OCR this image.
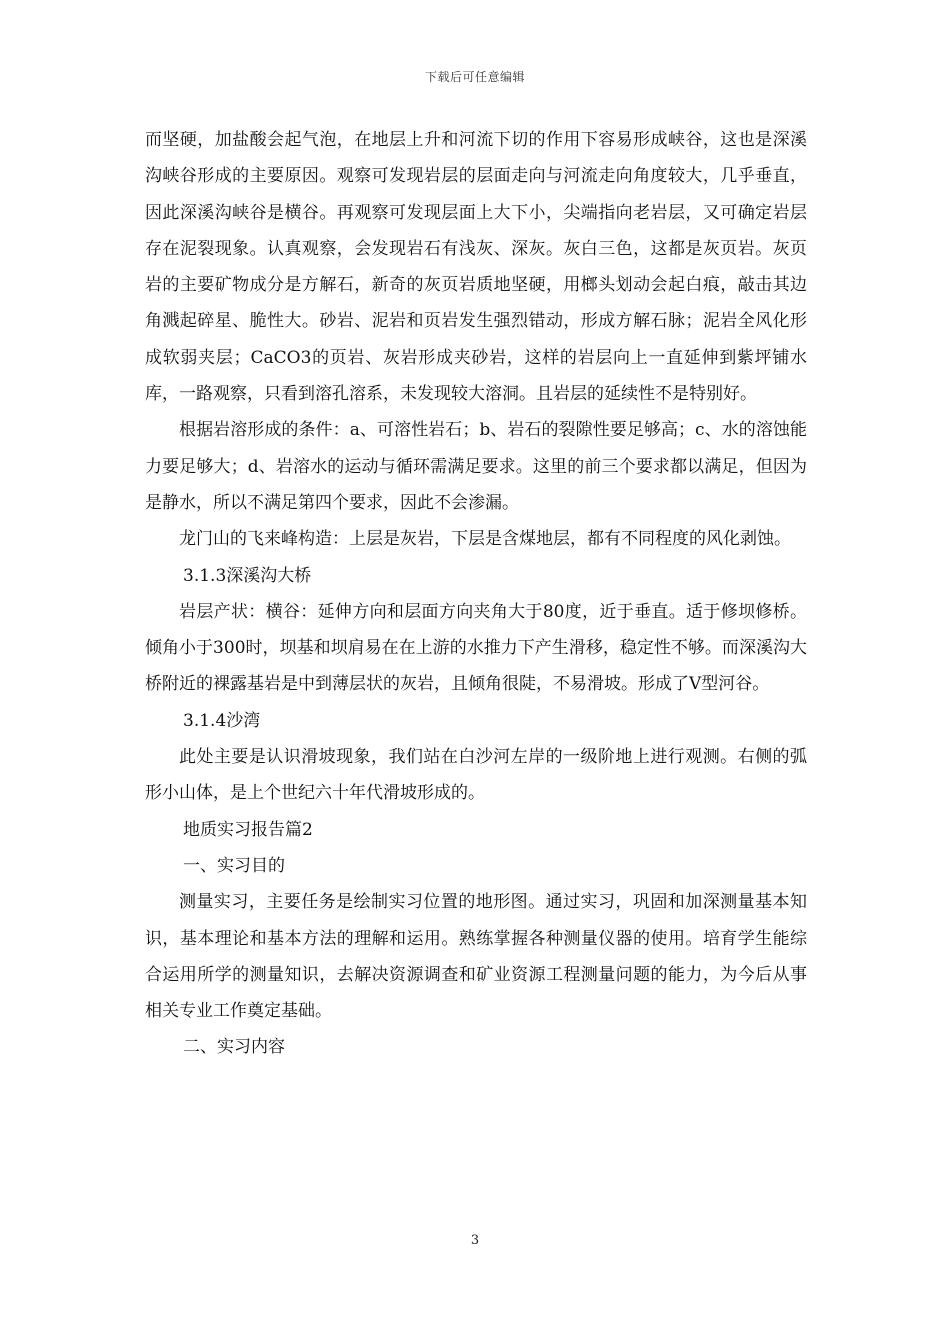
下载后可任意编辑

而坚硬，加盐酸会起气泡，在地层上升和河流下切的作用下容易形成峡谷，这也是深溪沟峡谷形成的主要原因。观察可发现岩层的层面走向与河流走向角度较大，几乎垂直，因此深溪沟峡谷是横谷。再观察可发现层面上大下小，尖端指向老岩层，又可确定岩层存在泥裂现象。认真观察，会发现岩石有浅灰、深灰。灰白三色，这都是灰页岩。灰页岩的主要矿物成分是方解石，新奇的灰页岩质地坚硬，用榔头划动会起白痕，敲击其边角溅起碎星、脆性大。砂岩、泥岩和页岩发生强烈错动，形成方解石脉；泥岩全风化形成软弱夹层；CaCO3的页岩、灰岩形成夹砂岩，这样的岩层向上一直延伸到紫坪铺水库，一路观察，只看到溶孔溶系，未发现较大溶洞。且岩层的延续性不是特别好。

根据岩溶形成的条件：a、可溶性岩石；b、岩石的裂隙性要足够高；c、水的溶蚀能力要足够大；d、岩溶水的运动与循环需满足要求。这里的前三个要求都以满足，但因为是静水，所以不满足第四个要求，因此不会渗漏。

龙门山的飞来峰构造：上层是灰岩，下层是含煤地层，都有不同程度的风化剥蚀。

3.1.3深溪沟大桥

岩层产状：横谷：延伸方向和层面方向夹角大于80度，近于垂直。适于修坝修桥。倾角小于300时，坝基和坝肩易在在上游的水推力下产生滑移，稳定性不够。而深溪沟大桥附近的裸露基岩是中到薄层状的灰岩，且倾角很陡，不易滑坡。形成了V型河谷。

3.1.4沙湾

此处主要是认识滑坡现象，我们站在白沙河左岸的一级阶地上进行观测。右侧的弧形小山体，是上个世纪六十年代滑坡形成的。

地质实习报告篇2

一、实习目的

测量实习，主要任务是绘制实习位置的地形图。通过实习，巩固和加深测量基本知识，基本理论和基本方法的理解和运用。熟练掌握各种测量仪器的使用。培育学生能综合运用所学的测量知识，去解决资源调查和矿业资源工程测量问题的能力，为今后从事相关专业工作奠定基础。

二、实习内容

3
